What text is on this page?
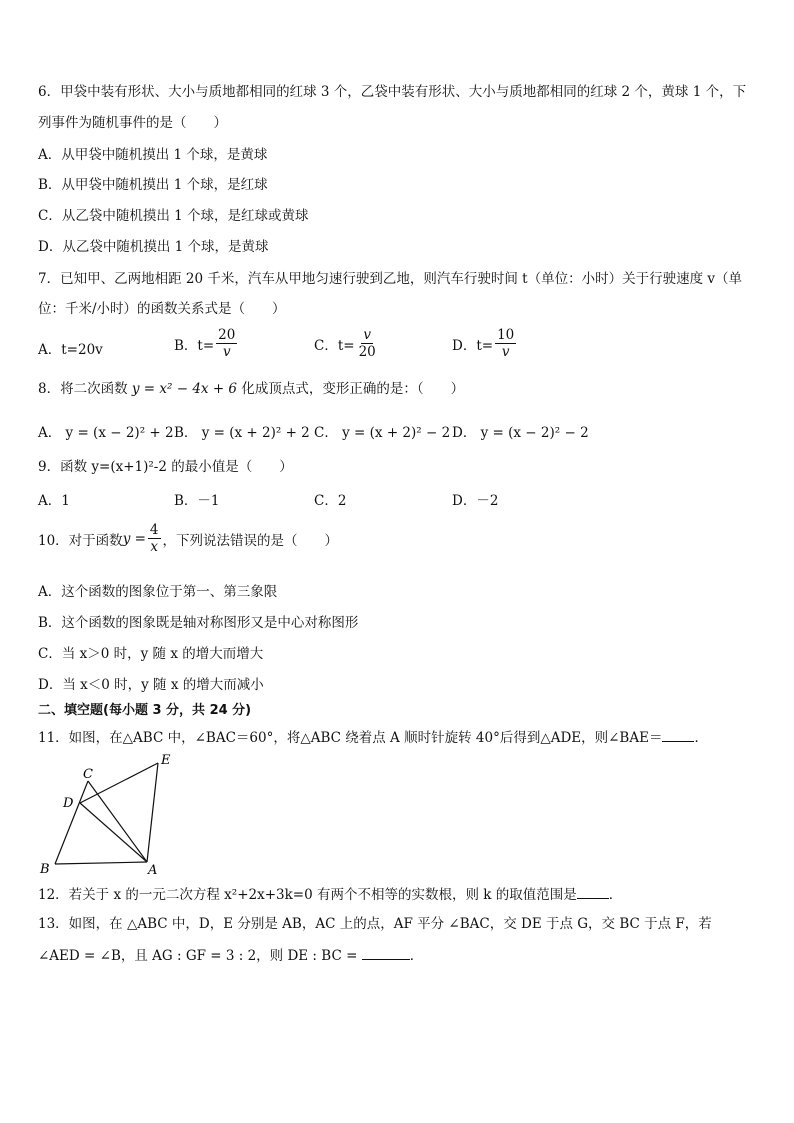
6．甲袋中装有形状、大小与质地都相同的红球 3 个，乙袋中装有形状、大小与质地都相同的红球 2 个，黄球 1 个，下
列事件为随机事件的是（　　）
A．从甲袋中随机摸出 1 个球，是黄球
B．从甲袋中随机摸出 1 个球，是红球
C．从乙袋中随机摸出 1 个球，是红球或黄球
D．从乙袋中随机摸出 1 个球，是黄球
7．已知甲、乙两地相距 20 千米，汽车从甲地匀速行驶到乙地，则汽车行驶时间 t（单位：小时）关于行驶速度 v（单
位：千米/小时）的函数关系式是（　　）
A．t=20v	B．$t= \frac{20}{v}$	C．$t= \frac{v}{20}$	D．$t= \frac{10}{v}$
8．将二次函数 y = x² − 4x + 6 化成顶点式，变形正确的是：（　　）
A． y = (x − 2)² + 2 B． y = (x + 2)² + 2 C． y = (x + 2)² − 2 D． y = (x − 2)² − 2
9．函数 y=(x+1)²-2 的最小值是（　　）
A．1	B．－1	C．2	D．－2
10．对于函数 $y = \frac{4}{x}$ ，下列说法错误的是（　　）
A．这个函数的图象位于第一、第三象限
B．这个函数的图象既是轴对称图形又是中心对称图形
C．当 x＞0 时，y 随 x 的增大而增大
D．当 x＜0 时，y 随 x 的增大而减小
二、填空题(每小题 3 分，共 24 分)
11．如图，在△ABC 中，∠BAC＝60°，将△ABC 绕着点 A 顺时针旋转 40°后得到△ADE，则∠BAE＝ ．
C
E
D
B	A
12．若关于 x 的一元二次方程 x²+2x+3k=0 有两个不相等的实数根，则 k 的取值范围是 ．
13．如图，在 △ABC 中，D，E 分别是 AB，AC 上的点，AF 平分 ∠BAC，交 DE 于点 G，交 BC 于点 F，若
∠AED = ∠B，且 AG : GF = 3 : 2，则 DE : BC =	．
